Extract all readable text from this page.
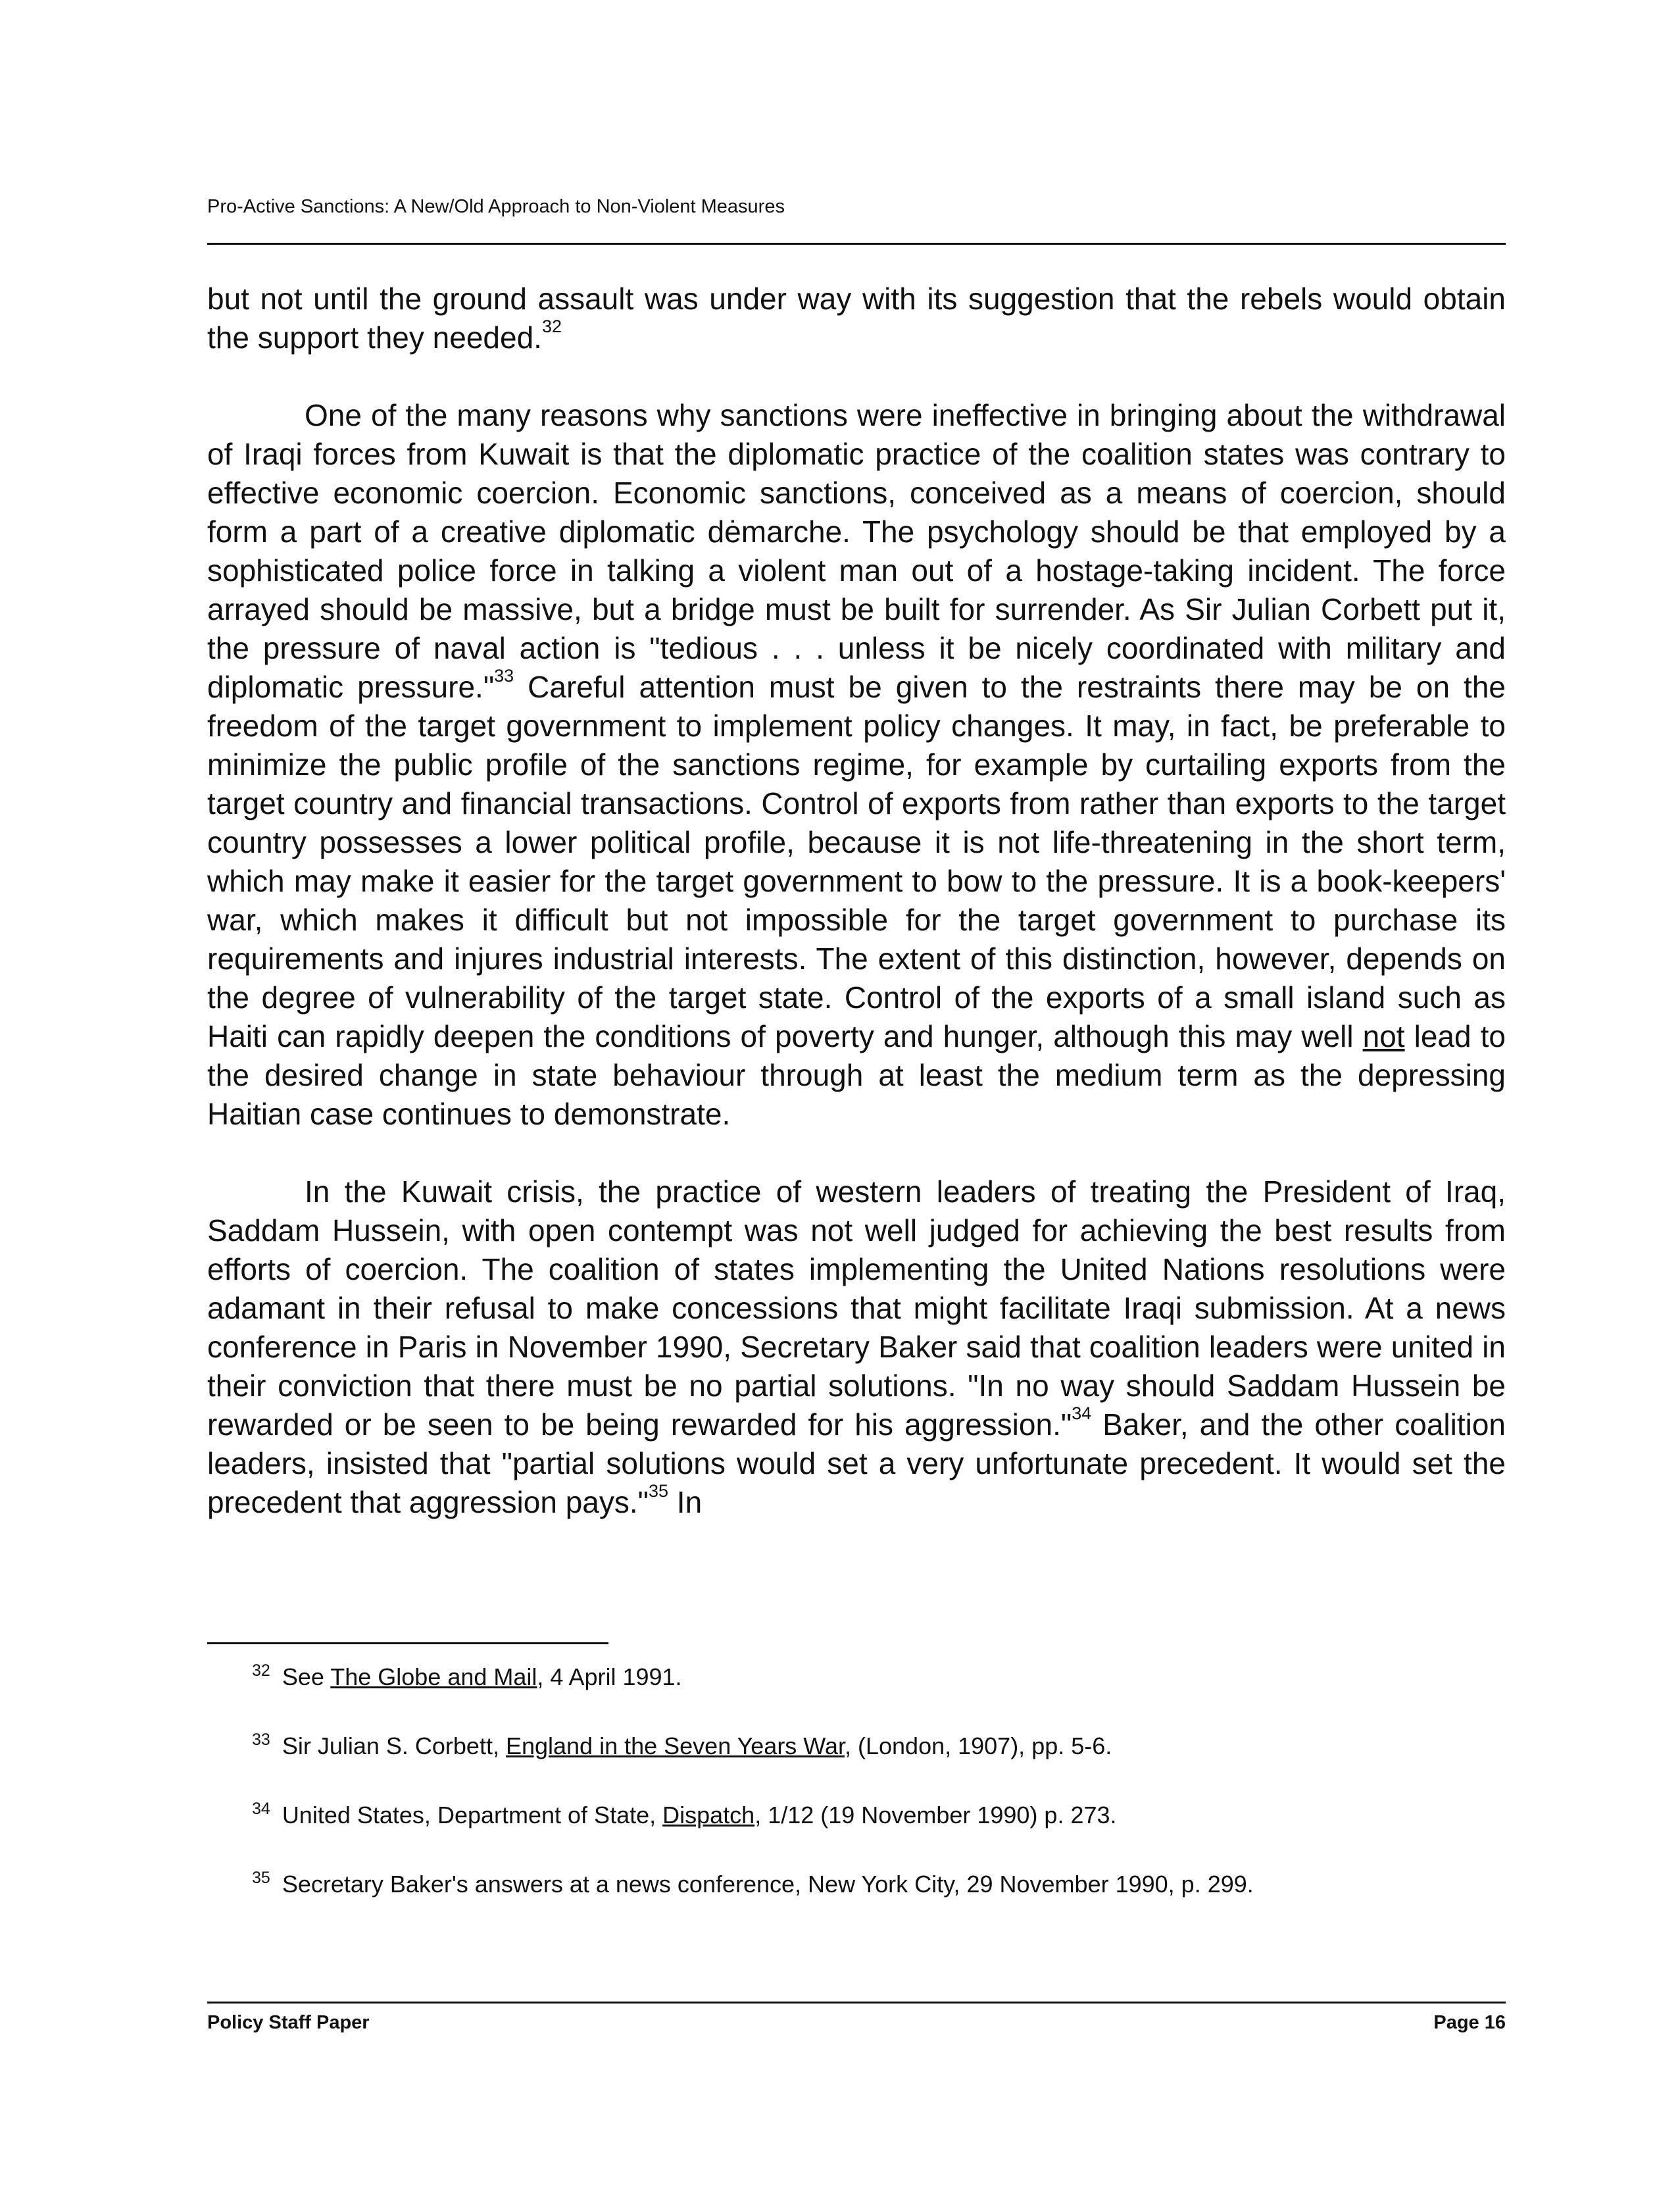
Pro-Active Sanctions: A New/Old Approach to Non-Violent Measures

but not until the ground assault was under way with its suggestion that the rebels would obtain the support they needed.$^{32}$

One of the many reasons why sanctions were ineffective in bringing about the withdrawal of Iraqi forces from Kuwait is that the diplomatic practice of the coalition states was contrary to effective economic coercion. Economic sanctions, conceived as a means of coercion, should form a part of a creative diplomatic dėmarche. The psychology should be that employed by a sophisticated police force in talking a violent man out of a hostage-taking incident. The force arrayed should be massive, but a bridge must be built for surrender. As Sir Julian Corbett put it, the pressure of naval action is "tedious . . . unless it be nicely coordinated with military and diplomatic pressure."$^{33}$ Careful attention must be given to the restraints there may be on the freedom of the target government to implement policy changes. It may, in fact, be preferable to minimize the public profile of the sanctions regime, for example by curtailing exports from the target country and financial transactions. Control of exports from rather than exports to the target country possesses a lower political profile, because it is not life-threatening in the short term, which may make it easier for the target government to bow to the pressure. It is a book-keepers' war, which makes it difficult but not impossible for the target government to purchase its requirements and injures industrial interests. The extent of this distinction, however, depends on the degree of vulnerability of the target state. Control of the exports of a small island such as Haiti can rapidly deepen the conditions of poverty and hunger, although this may well not lead to the desired change in state behaviour through at least the medium term as the depressing Haitian case continues to demonstrate.

In the Kuwait crisis, the practice of western leaders of treating the President of Iraq, Saddam Hussein, with open contempt was not well judged for achieving the best results from efforts of coercion. The coalition of states implementing the United Nations resolutions were adamant in their refusal to make concessions that might facilitate Iraqi submission. At a news conference in Paris in November 1990, Secretary Baker said that coalition leaders were united in their conviction that there must be no partial solutions. "In no way should Saddam Hussein be rewarded or be seen to be being rewarded for his aggression."$^{34}$ Baker, and the other coalition leaders, insisted that "partial solutions would set a very unfortunate precedent. It would set the precedent that aggression pays."$^{35}$ In

$^{32}$ See The Globe and Mail, 4 April 1991.
$^{33}$ Sir Julian S. Corbett, England in the Seven Years War, (London, 1907), pp. 5-6.
$^{34}$ United States, Department of State, Dispatch, 1/12 (19 November 1990) p. 273.
$^{35}$ Secretary Baker's answers at a news conference, New York City, 29 November 1990, p. 299.
Policy Staff Paper	Page 16
